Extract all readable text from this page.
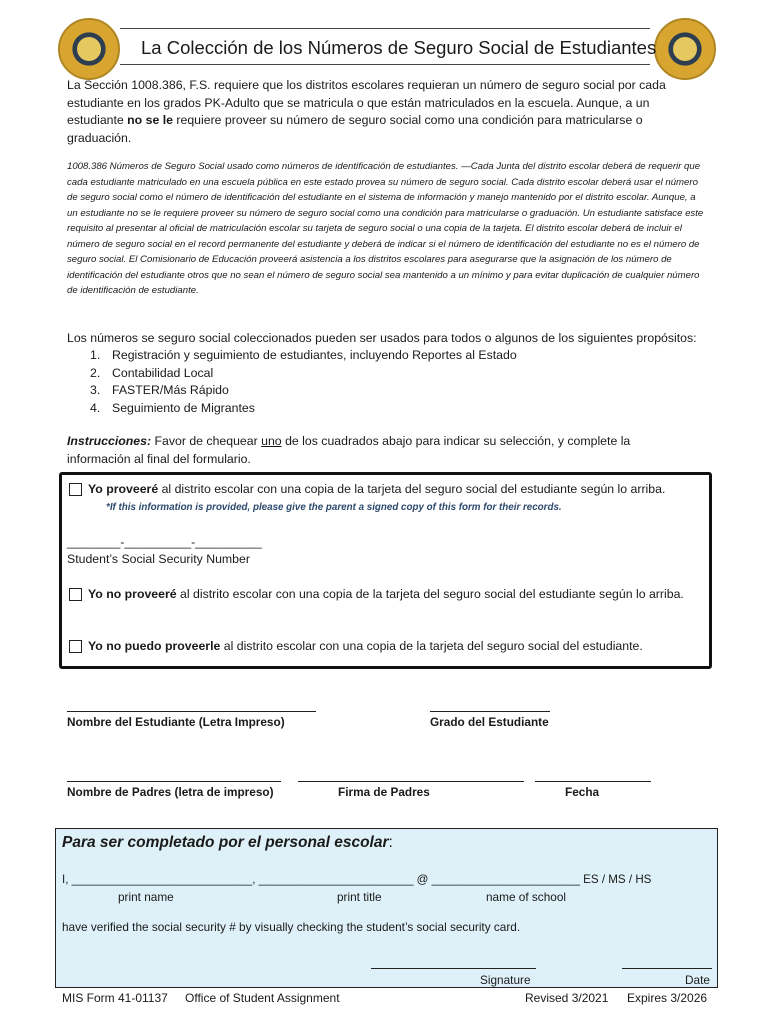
La Colección de los Números de Seguro Social de Estudiantes
La Sección 1008.386, F.S. requiere que los distritos escolares requieran un número de seguro social por cada estudiante en los grados PK-Adulto que se matricula o que están matriculados en la escuela. Aunque, a un estudiante no se le requiere proveer su número de seguro social como una condición para matricularse o graduación.
1008.386 Números de Seguro Social usado como números de identificación de estudiantes. —Cada Junta del distrito escolar deberá de requerir que cada estudiante matriculado en una escuela pública en este estado provea su número de seguro social. Cada distrito escolar deberá usar el número de seguro social como el número de identificación del estudiante en el sistema de información y manejo mantenido por el distrito escolar. Aunque, a un estudiante no se le requiere proveer su número de seguro social como una condición para matricularse o graduación. Un estudiante satisface este requisito al presentar al oficial de matriculación escolar su tarjeta de seguro social o una copia de la tarjeta. El distrito escolar deberá de incluir el número de seguro social en el record permanente del estudiante y deberá de indicar si el número de identificación del estudiante no es el número de seguro social. El Comisionario de Educación proveerá asistencia a los distritos escolares para asegurarse que la asignación de los número de identificación del estudiante otros que no sean el número de seguro social sea mantenido a un mínimo y para evitar duplicación de cualquier número de identificación de estudiante.
Los números se seguro social coleccionados pueden ser usados para todos o algunos de los siguientes propósitos:
1. Registración y seguimiento de estudiantes, incluyendo Reportes al Estado
2. Contabilidad Local
3. FASTER/Más Rápido
4. Seguimiento de Migrantes
Instrucciones: Favor de chequear uno de los cuadrados abajo para indicar su selección, y complete la información al final del formulario.
Yo proveeré al distrito escolar con una copia de la tarjeta del seguro social del estudiante según lo arriba.
*If this information is provided, please give the parent a signed copy of this form for their records.
________-__________-__________
Student’s Social Security Number
Yo no proveeré al distrito escolar con una copia de la tarjeta del seguro social del estudiante según lo arriba.
Yo no puedo proveerle al distrito escolar con una copia de la tarjeta del seguro social del estudiante.
Nombre del Estudiante (Letra Impreso)	Grado del Estudiante
Nombre de Padres (letra de impreso)	Firma de Padres	Fecha
Para ser completado por el personal escolar:
I, ____________________________, ________________________ @ _______________________ ES / MS / HS
print name	print title	name of school
have verified the social security # by visually checking the student’s social security card.
Signature	Date
MIS Form 41-01137 Office of Student Assignment	Revised 3/2021 Expires 3/2026
